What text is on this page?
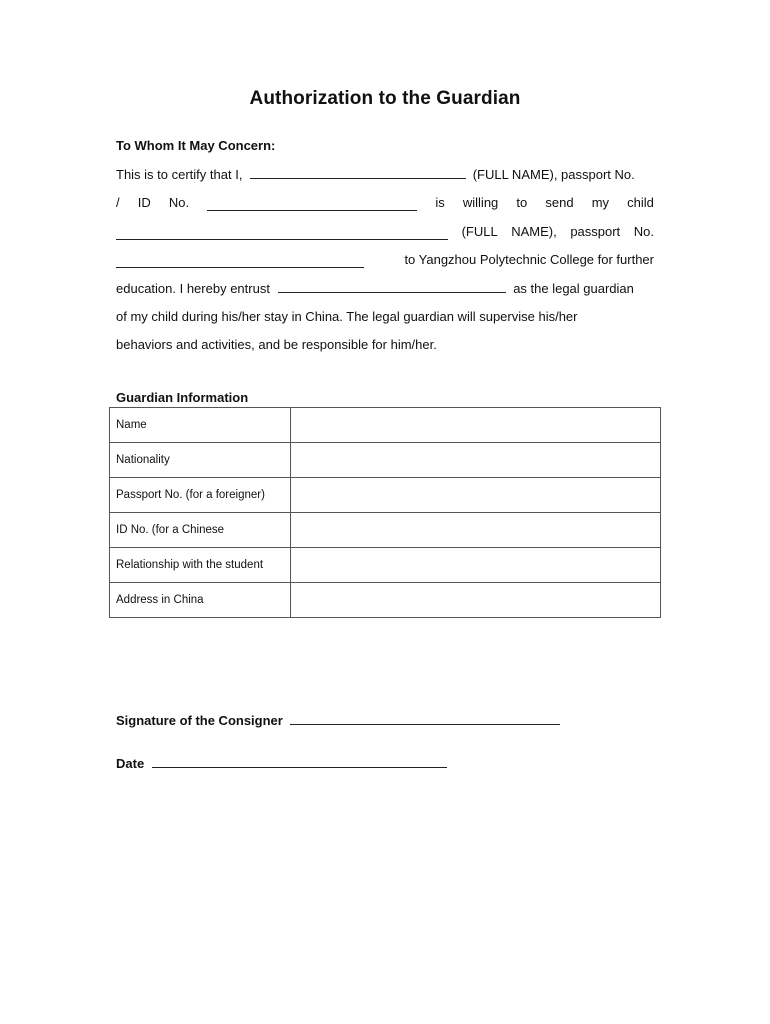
Authorization to the Guardian
To Whom It May Concern:
This is to certify that I,	(FULL NAME), passport No.
/ ID No.	is willing to send my child
(FULL NAME), passport No.
to Yangzhou Polytechnic College for further
education. I hereby entrust	as the legal guardian
of my child during his/her stay in China. The legal guardian will supervise his/her
behaviors and activities, and be responsible for him/her.
Guardian Information
Name	
Nationality	
Passport No. (for a foreigner)	
ID No. (for a Chinese	
Relationship with the student	
Address in China	
Signature of the Consigner
Date
